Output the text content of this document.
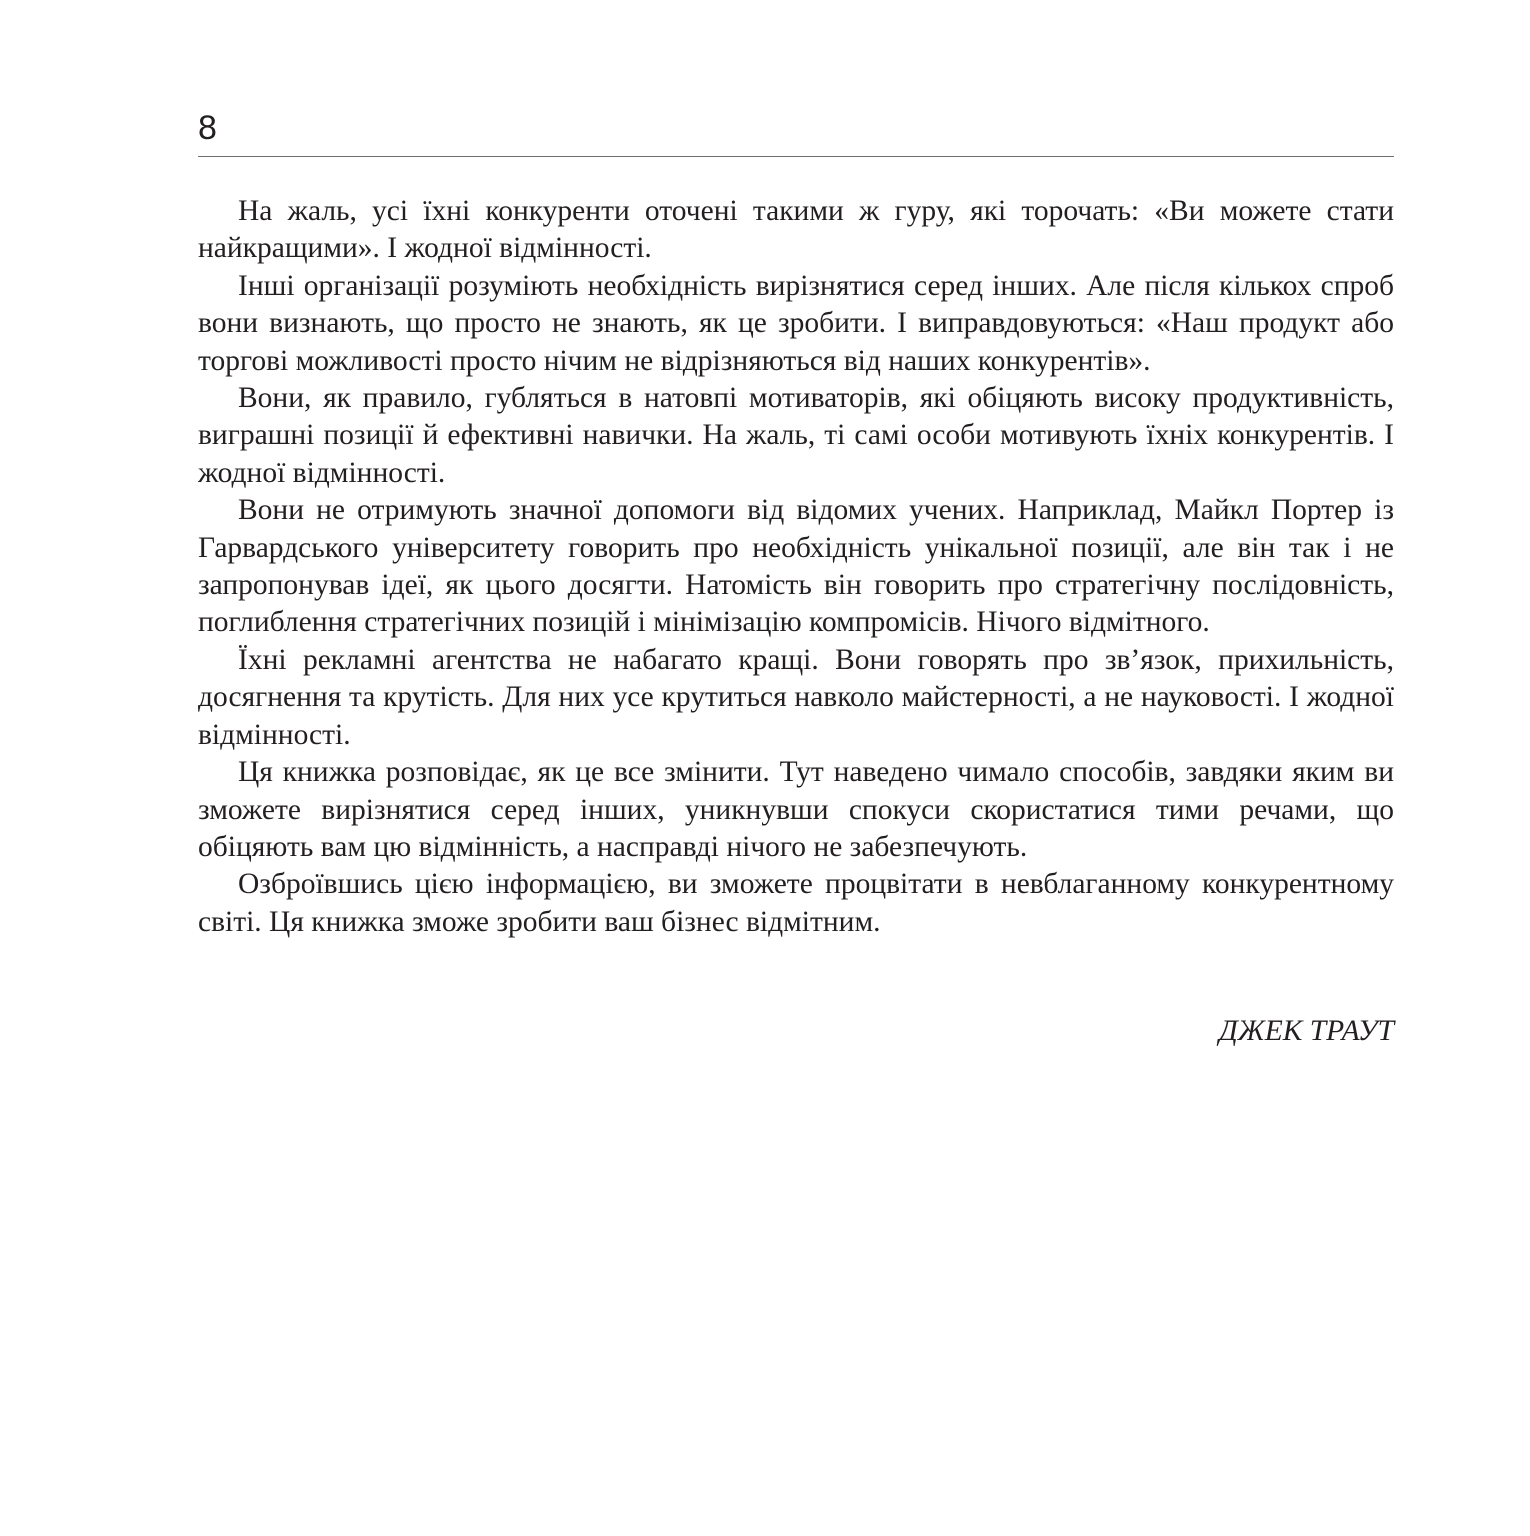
8

На жаль, усі їхні конкуренти оточені такими ж гуру, які торочать: «Ви можете стати найкращими». І жодної відмінності.

Інші організації розуміють необхідність вирізнятися серед інших. Але після кількох спроб вони визнають, що просто не знають, як це зробити. І виправдовуються: «Наш продукт або торгові можливості просто нічим не відрізняються від наших конкурентів».

Вони, як правило, губляться в натовпі мотиваторів, які обіцяють високу продуктивність, виграшні позиції й ефективні навички. На жаль, ті самі особи мотивують їхніх конкурентів. І жодної відмінності.

Вони не отримують значної допомоги від відомих учених. Наприклад, Майкл Портер із Гарвардського університету говорить про необхідність унікальної позиції, але він так і не запропонував ідеї, як цього досягти. Натомість він говорить про стратегічну послідовність, поглиблення стратегічних позицій і мінімізацію компромісів. Нічого відмітного.

Їхні рекламні агентства не набагато кращі. Вони говорять про зв’язок, прихильність, досягнення та крутість. Для них усе крутиться навколо майстерності, а не науковості. І жодної відмінності.

Ця книжка розповідає, як це все змінити. Тут наведено чимало способів, завдяки яким ви зможете вирізнятися серед інших, уникнувши спокуси скористатися тими речами, що обіцяють вам цю відмінність, а насправді нічого не забезпечують.

Озброївшись цією інформацією, ви зможете процвітати в невблаганному конкурентному світі. Ця книжка зможе зробити ваш бізнес відмітним.

ДЖЕК ТРАУТ
